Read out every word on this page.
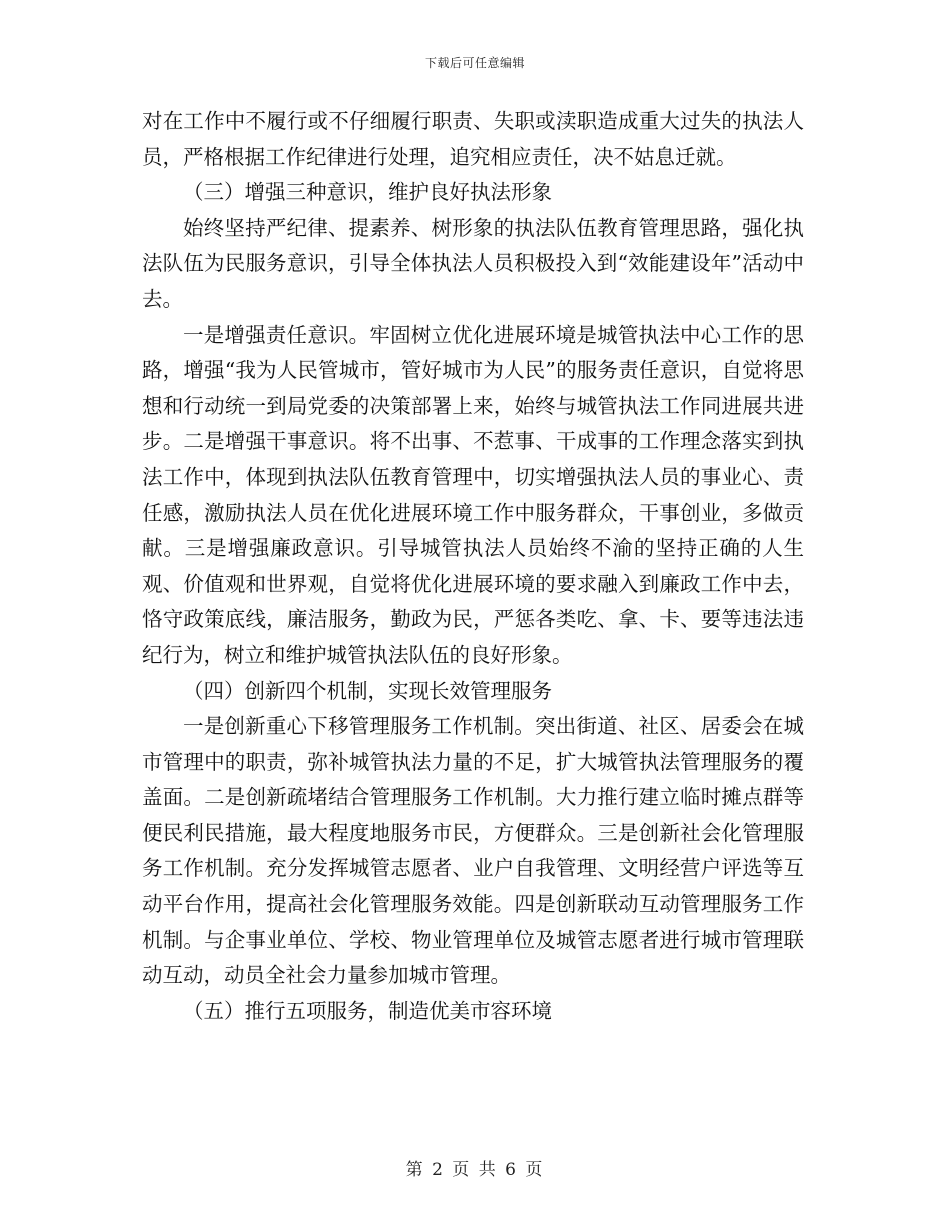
下载后可任意编辑

对在工作中不履行或不仔细履行职责、失职或渎职造成重大过失的执法人员，严格根据工作纪律进行处理，追究相应责任，决不姑息迁就。

（三）增强三种意识，维护良好执法形象

始终坚持严纪律、提素养、树形象的执法队伍教育管理思路，强化执法队伍为民服务意识，引导全体执法人员积极投入到“效能建设年”活动中去。

一是增强责任意识。牢固树立优化进展环境是城管执法中心工作的思路，增强“我为人民管城市，管好城市为人民”的服务责任意识，自觉将思想和行动统一到局党委的决策部署上来，始终与城管执法工作同进展共进步。二是增强干事意识。将不出事、不惹事、干成事的工作理念落实到执法工作中，体现到执法队伍教育管理中，切实增强执法人员的事业心、责任感，激励执法人员在优化进展环境工作中服务群众，干事创业，多做贡献。三是增强廉政意识。引导城管执法人员始终不渝的坚持正确的人生观、价值观和世界观，自觉将优化进展环境的要求融入到廉政工作中去，恪守政策底线，廉洁服务，勤政为民，严惩各类吃、拿、卡、要等违法违纪行为，树立和维护城管执法队伍的良好形象。

（四）创新四个机制，实现长效管理服务

一是创新重心下移管理服务工作机制。突出街道、社区、居委会在城市管理中的职责，弥补城管执法力量的不足，扩大城管执法管理服务的覆盖面。二是创新疏堵结合管理服务工作机制。大力推行建立临时摊点群等便民利民措施，最大程度地服务市民，方便群众。三是创新社会化管理服务工作机制。充分发挥城管志愿者、业户自我管理、文明经营户评选等互动平台作用，提高社会化管理服务效能。四是创新联动互动管理服务工作机制。与企事业单位、学校、物业管理单位及城管志愿者进行城市管理联动互动，动员全社会力量参加城市管理。

（五）推行五项服务，制造优美市容环境

第 2 页 共 6 页
